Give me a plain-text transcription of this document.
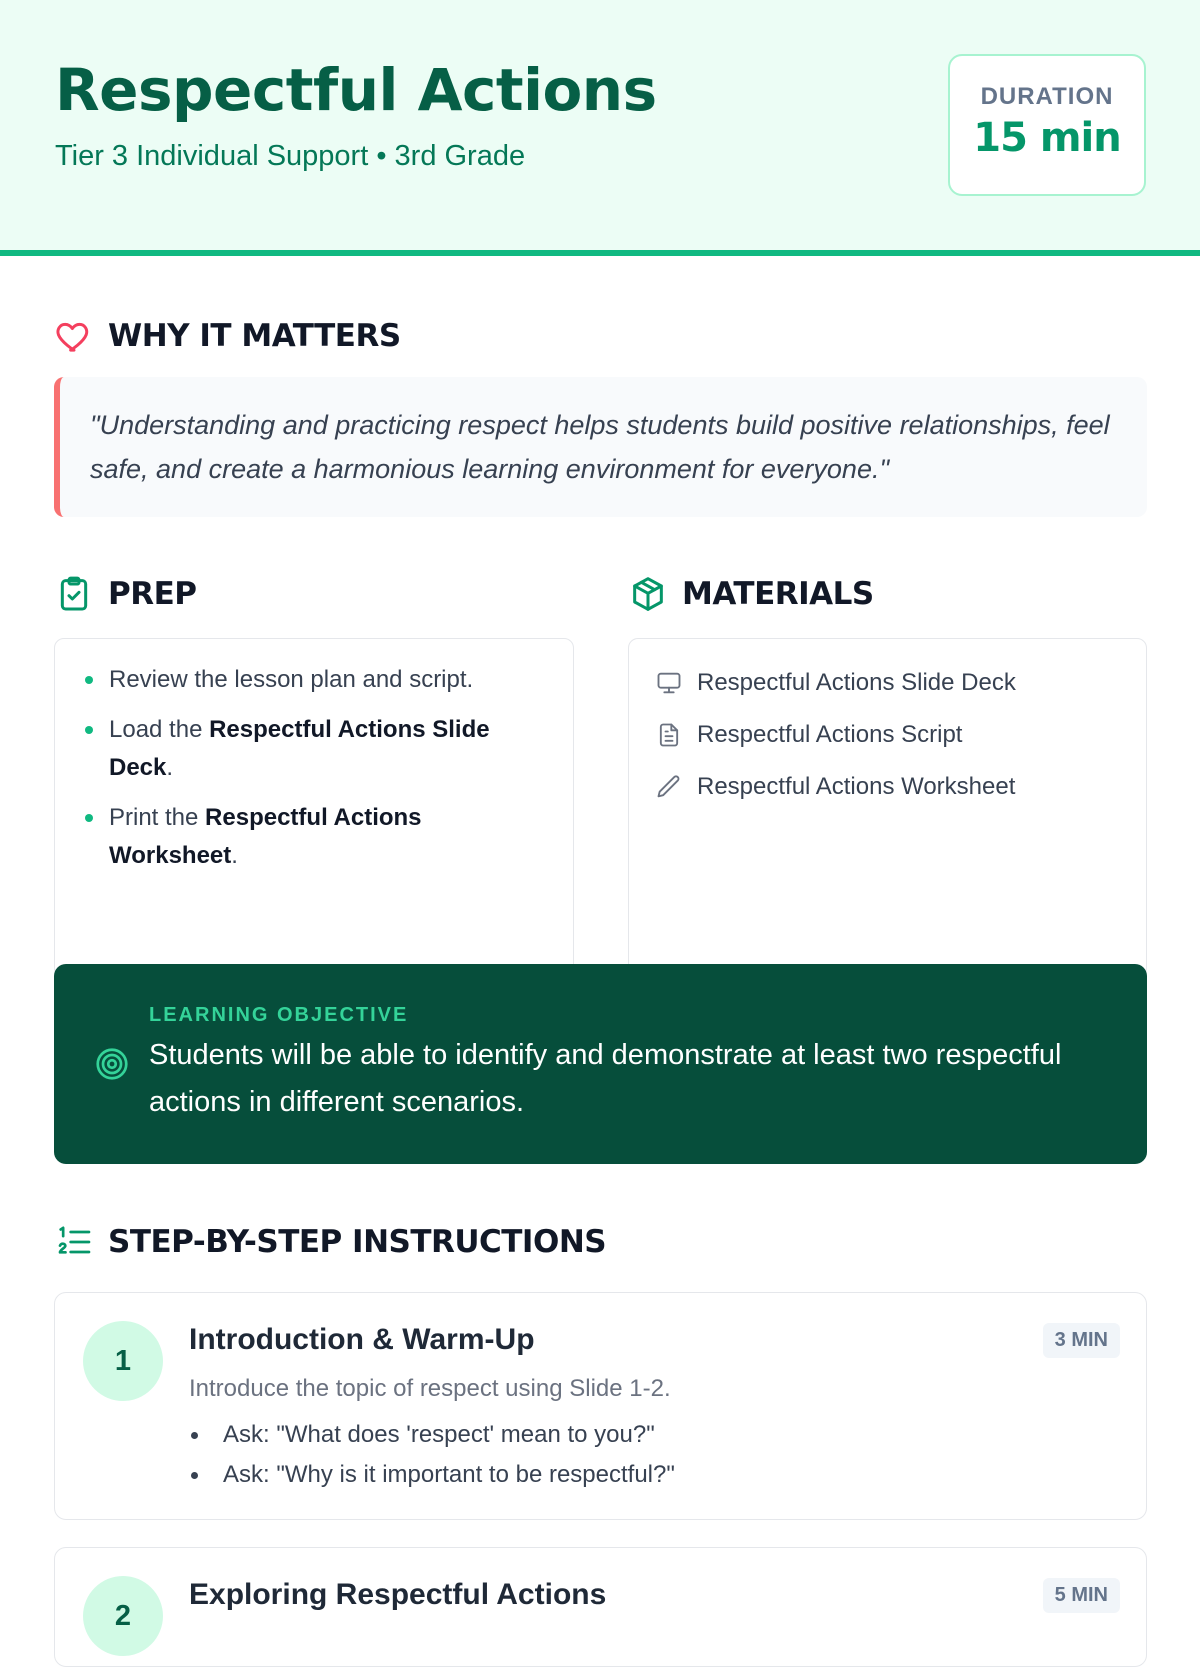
Respectful Actions
Tier 3 Individual Support • 3rd Grade
DURATION
15 min
WHY IT MATTERS
"Understanding and practicing respect helps students build positive relationships, feel safe, and create a harmonious learning environment for everyone."
PREP
Review the lesson plan and script.
Load the Respectful Actions Slide Deck.
Print the Respectful Actions Worksheet.
MATERIALS
Respectful Actions Slide Deck
Respectful Actions Script
Respectful Actions Worksheet
LEARNING OBJECTIVE
Students will be able to identify and demonstrate at least two respectful actions in different scenarios.
STEP-BY-STEP INSTRUCTIONS
1
Introduction & Warm-Up	3 MIN
Introduce the topic of respect using Slide 1-2.
Ask: "What does 'respect' mean to you?"
Ask: "Why is it important to be respectful?"
2
Exploring Respectful Actions	5 MIN
